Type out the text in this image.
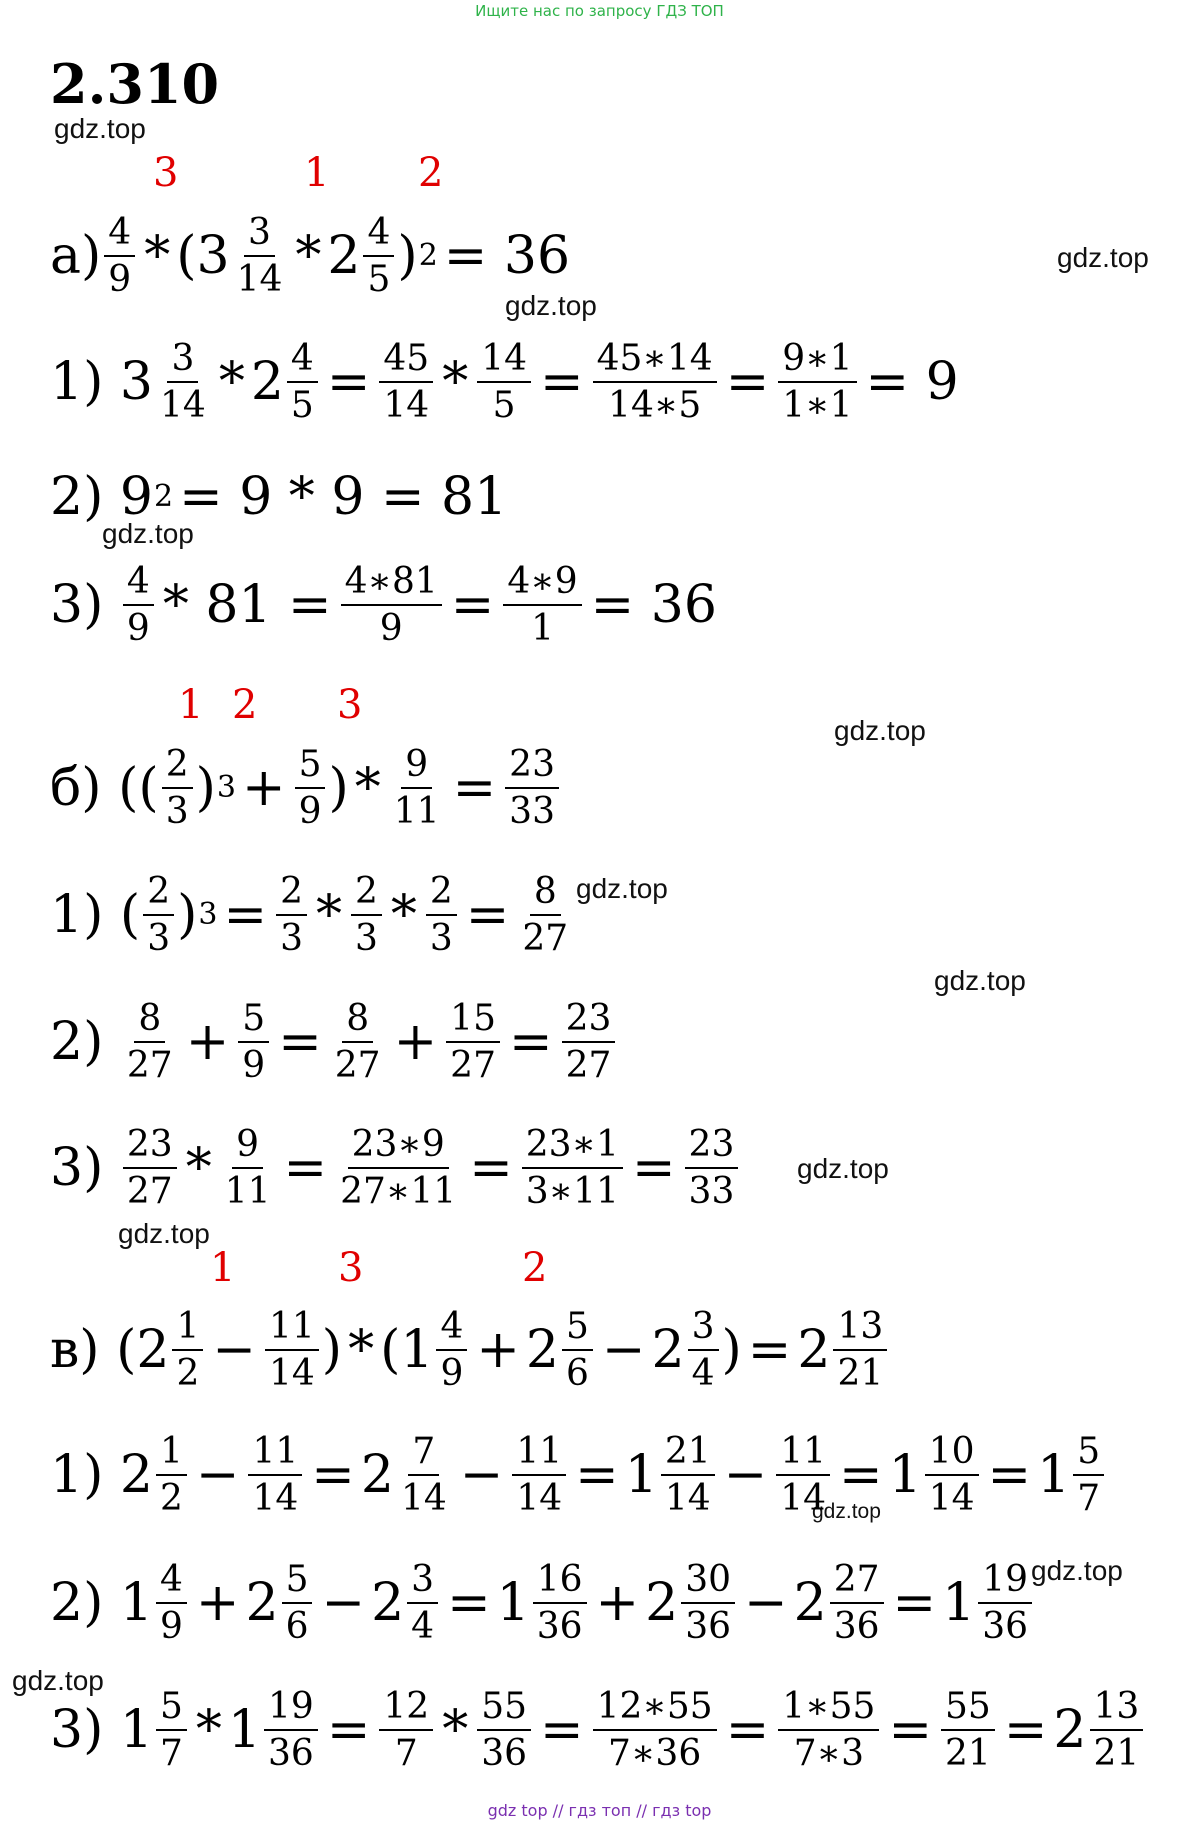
Ищите нас по запросу ГДЗ ТОП
2.310
gdz.top
gdz.top
gdz.top
gdz.top
gdz.top
gdz.top
gdz.top
gdz.top
gdz.top
gdz.top
gdz.top
gdz.top
3	1 2
1 2 3
1	3	2
$а) \frac{4}{9} * (3 \frac{3}{14} * 2 \frac{4}{5}$ ) 2 = 36
1) $3 \frac{3}{14} * 2 \frac{4}{5} = \frac{45}{14} * \frac{14}{5} = \frac{45∗14}{14∗5} = \frac{9∗1}{1∗1} = 9$
2) 9 2 = 9 * 9 = 81
3)
$\frac{4}{9} * 81 = \frac{4∗81}{9} = \frac{4∗9}{1} = 36$
б) (( $\frac{2}{3}$ ) $3 + \frac{5}{9}$ ) * $\frac{9}{11} = \frac{23}{33}$
1) ( $\frac{2}{3}$ ) $3 = \frac{2}{3} * \frac{2}{3} * \frac{2}{3} = \frac{8}{27}$
2)
$\frac{8}{27} + \frac{5}{9} = \frac{8}{27} + \frac{15}{27} = \frac{23}{27}$
3)
$\frac{23}{27} * \frac{9}{11} = \frac{23∗9}{27∗11} = \frac{23∗1}{3∗11} = \frac{23}{33}$
в) ($2 \frac{1}{2} - \frac{11}{14}$ ) * ($1 \frac{4}{9} + 2 \frac{5}{6} - 2 \frac{3}{4}$ ) = $2 \frac{13}{21}$
1) $2 \frac{1}{2} - \frac{11}{14} = 2 \frac{7}{14} - \frac{11}{14} = 1 \frac{21}{14} - \frac{11}{14} = 1 \frac{10}{14} = 1 \frac{5}{7}$
2) $1 \frac{4}{9} + 2 \frac{5}{6} - 2 \frac{3}{4} = 1 \frac{16}{36} + 2 \frac{30}{36} - 2 \frac{27}{36} = 1 \frac{19}{36}$
3) $1 \frac{5}{7} * 1 \frac{19}{36} = \frac{12}{7} * \frac{55}{36} = \frac{12∗55}{7∗36} = \frac{1∗55}{7∗3} = \frac{55}{21} = 2 \frac{13}{21}$
gdz top // гдз топ // гдз top
